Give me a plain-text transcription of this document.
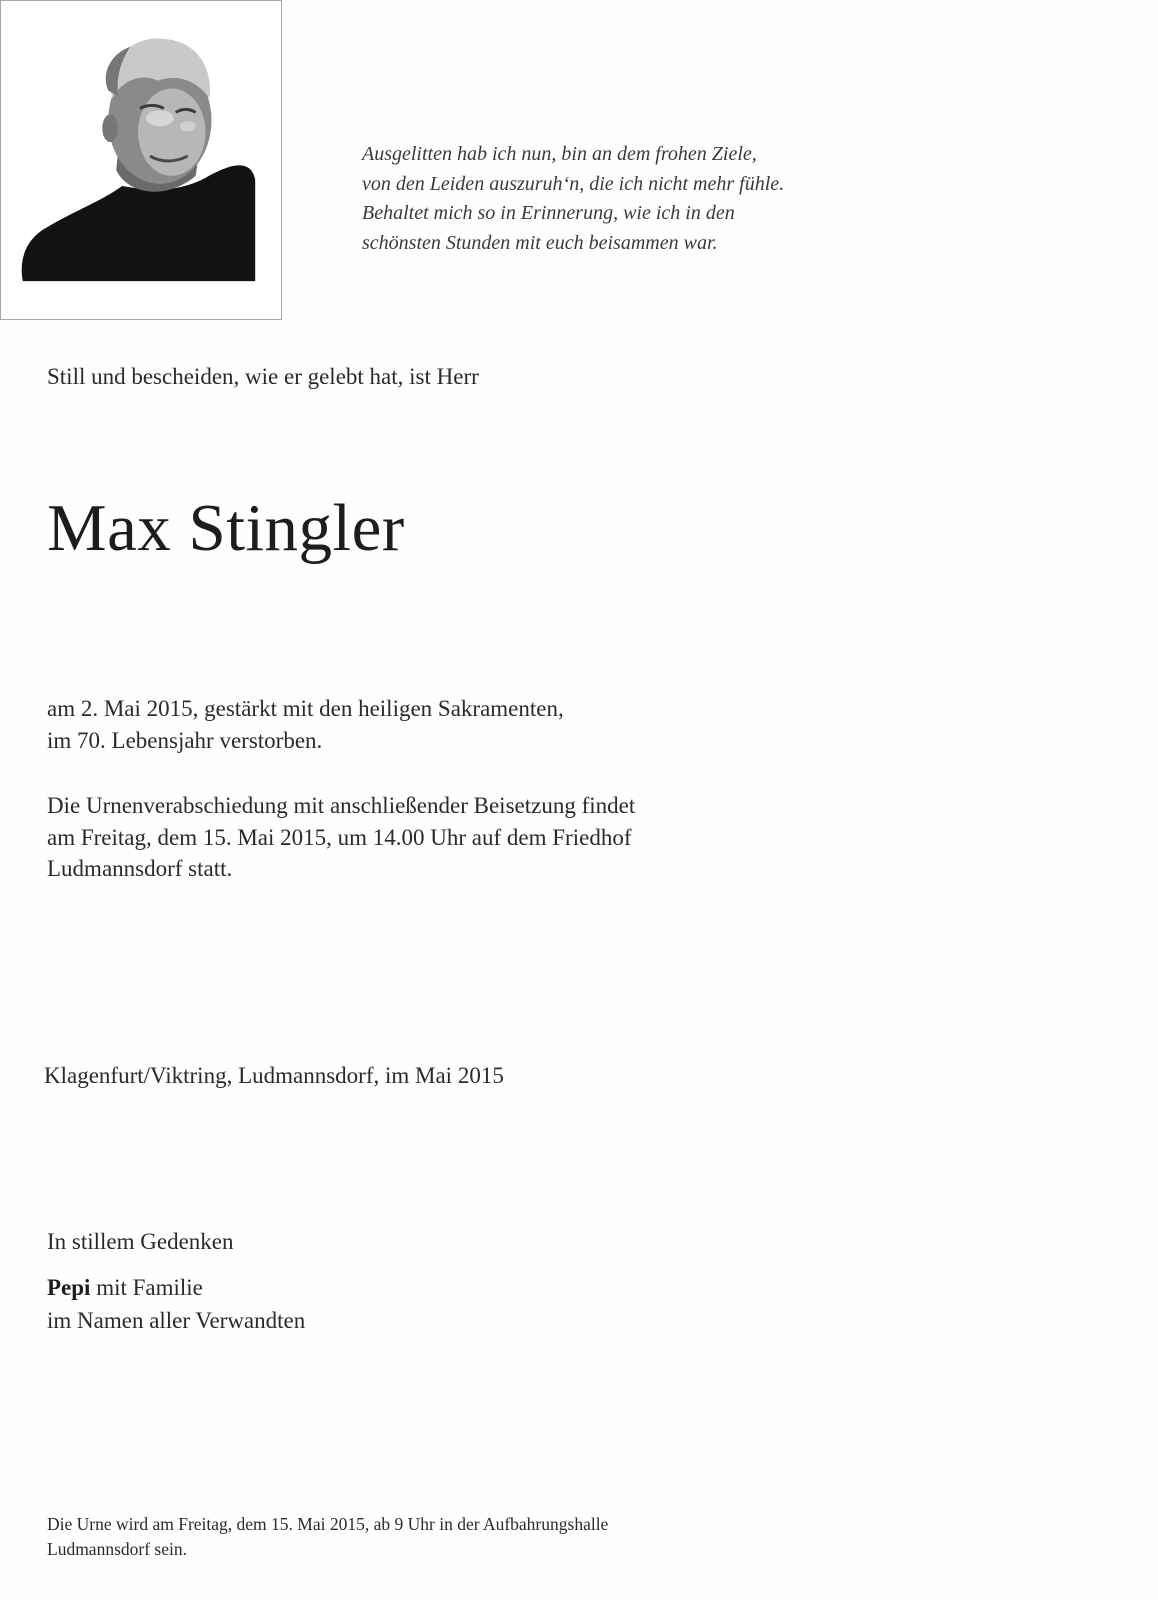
Ausgelitten hab ich nun, bin an dem frohen Ziele,
von den Leiden auszuruh‘n, die ich nicht mehr fühle.
Behaltet mich so in Erinnerung, wie ich in den
schönsten Stunden mit euch beisammen war.
Still und bescheiden, wie er gelebt hat, ist Herr
Max Stingler
am 2. Mai 2015, gestärkt mit den heiligen Sakramenten,
im 70. Lebensjahr verstorben.
Die Urnenverabschiedung mit anschließender Beisetzung findet
am Freitag, dem 15. Mai 2015, um 14.00 Uhr auf dem Friedhof
Ludmannsdorf statt.
Klagenfurt/Viktring, Ludmannsdorf, im Mai 2015
In stillem Gedenken
Pepi mit Familie
im Namen aller Verwandten
Die Urne wird am Freitag, dem 15. Mai 2015, ab 9 Uhr in der Aufbahrungshalle
Ludmannsdorf sein.
